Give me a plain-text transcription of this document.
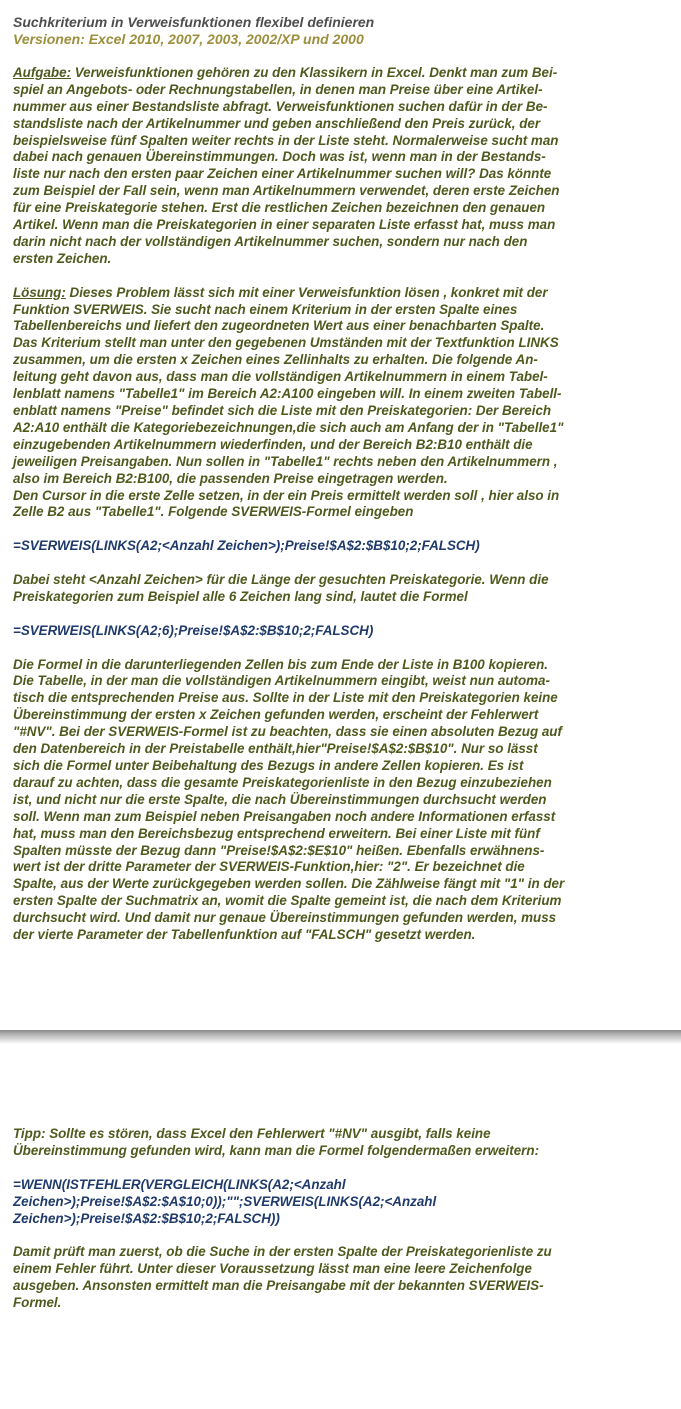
Suchkriterium in Verweisfunktionen flexibel definieren

Versionen: Excel 2010, 2007, 2003, 2002/XP und 2000

Aufgabe: Verweisfunktionen gehören zu den Klassikern in Excel. Denkt man zum Bei-

spiel an Angebots- oder Rechnungstabellen, in denen man Preise über eine Artikel-

nummer aus einer Bestandsliste abfragt. Verweisfunktionen suchen dafür in der Be-

standsliste nach der Artikelnummer und geben anschließend den Preis zurück, der

beispielsweise fünf Spalten weiter rechts in der Liste steht. Normalerweise sucht man

dabei nach genauen Übereinstimmungen. Doch was ist, wenn man in der Bestands-

liste nur nach den ersten paar Zeichen einer Artikelnummer suchen will? Das könnte

zum Beispiel der Fall sein, wenn man Artikelnummern verwendet, deren erste Zeichen

für eine Preiskategorie stehen. Erst die restlichen Zeichen bezeichnen den genauen

Artikel. Wenn man die Preiskategorien in einer separaten Liste erfasst hat, muss man

darin nicht nach der vollständigen Artikelnummer suchen, sondern nur nach den

ersten Zeichen.

Lösung: Dieses Problem lässt sich mit einer Verweisfunktion lösen , konkret mit der

Funktion SVERWEIS. Sie sucht nach einem Kriterium in der ersten Spalte eines

Tabellenbereichs und liefert den zugeordneten Wert aus einer benachbarten Spalte.

Das Kriterium stellt man unter den gegebenen Umständen mit der Textfunktion LINKS

zusammen, um die ersten x Zeichen eines Zellinhalts zu erhalten. Die folgende An-

leitung geht davon aus, dass man die vollständigen Artikelnummern in einem Tabel-

lenblatt namens "Tabelle1" im Bereich A2:A100 eingeben will. In einem zweiten Tabell-

enblatt namens "Preise" befindet sich die Liste mit den Preiskategorien: Der Bereich

A2:A10 enthält die Kategoriebezeichnungen,die sich auch am Anfang der in "Tabelle1"

einzugebenden Artikelnummern wiederfinden, und der Bereich B2:B10 enthält die

jeweiligen Preisangaben. Nun sollen in "Tabelle1" rechts neben den Artikelnummern ,

also im Bereich B2:B100, die passenden Preise eingetragen werden.

Den Cursor in die erste Zelle setzen, in der ein Preis ermittelt werden soll , hier also in

Zelle B2 aus "Tabelle1". Folgende SVERWEIS-Formel eingeben

=SVERWEIS(LINKS(A2;<Anzahl Zeichen>);Preise!$A$2:$B$10;2;FALSCH)

Dabei steht <Anzahl Zeichen> für die Länge der gesuchten Preiskategorie. Wenn die

Preiskategorien zum Beispiel alle 6 Zeichen lang sind, lautet die Formel

=SVERWEIS(LINKS(A2;6);Preise!$A$2:$B$10;2;FALSCH)

Die Formel in die darunterliegenden Zellen bis zum Ende der Liste in B100 kopieren.

Die Tabelle, in der man die vollständigen Artikelnummern eingibt, weist nun automa-

tisch die entsprechenden Preise aus. Sollte in der Liste mit den Preiskategorien keine

Übereinstimmung der ersten x Zeichen gefunden werden, erscheint der Fehlerwert

"#NV". Bei der SVERWEIS-Formel ist zu beachten, dass sie einen absoluten Bezug auf

den Datenbereich in der Preistabelle enthält,hier"Preise!$A$2:$B$10". Nur so lässt

sich die Formel unter Beibehaltung des Bezugs in andere Zellen kopieren. Es ist

darauf zu achten, dass die gesamte Preiskategorienliste in den Bezug einzubeziehen

ist, und nicht nur die erste Spalte, die nach Übereinstimmungen durchsucht werden

soll. Wenn man zum Beispiel neben Preisangaben noch andere Informationen erfasst

hat, muss man den Bereichsbezug entsprechend erweitern. Bei einer Liste mit fünf

Spalten müsste der Bezug dann "Preise!$A$2:$E$10" heißen. Ebenfalls erwähnens-

wert ist der dritte Parameter der SVERWEIS-Funktion,hier: "2". Er bezeichnet die

Spalte, aus der Werte zurückgegeben werden sollen. Die Zählweise fängt mit "1" in der

ersten Spalte der Suchmatrix an, womit die Spalte gemeint ist, die nach dem Kriterium

durchsucht wird. Und damit nur genaue Übereinstimmungen gefunden werden, muss

der vierte Parameter der Tabellenfunktion auf "FALSCH" gesetzt werden.

Tipp: Sollte es stören, dass Excel den Fehlerwert "#NV" ausgibt, falls keine

Übereinstimmung gefunden wird, kann man die Formel folgendermaßen erweitern:

=WENN(ISTFEHLER(VERGLEICH(LINKS(A2;<Anzahl

Zeichen>);Preise!$A$2:$A$10;0));"";SVERWEIS(LINKS(A2;<Anzahl

Zeichen>);Preise!$A$2:$B$10;2;FALSCH))

Damit prüft man zuerst, ob die Suche in der ersten Spalte der Preiskategorienliste zu

einem Fehler führt. Unter dieser Voraussetzung lässt man eine leere Zeichenfolge

ausgeben. Ansonsten ermittelt man die Preisangabe mit der bekannten SVERWEIS-

Formel.
